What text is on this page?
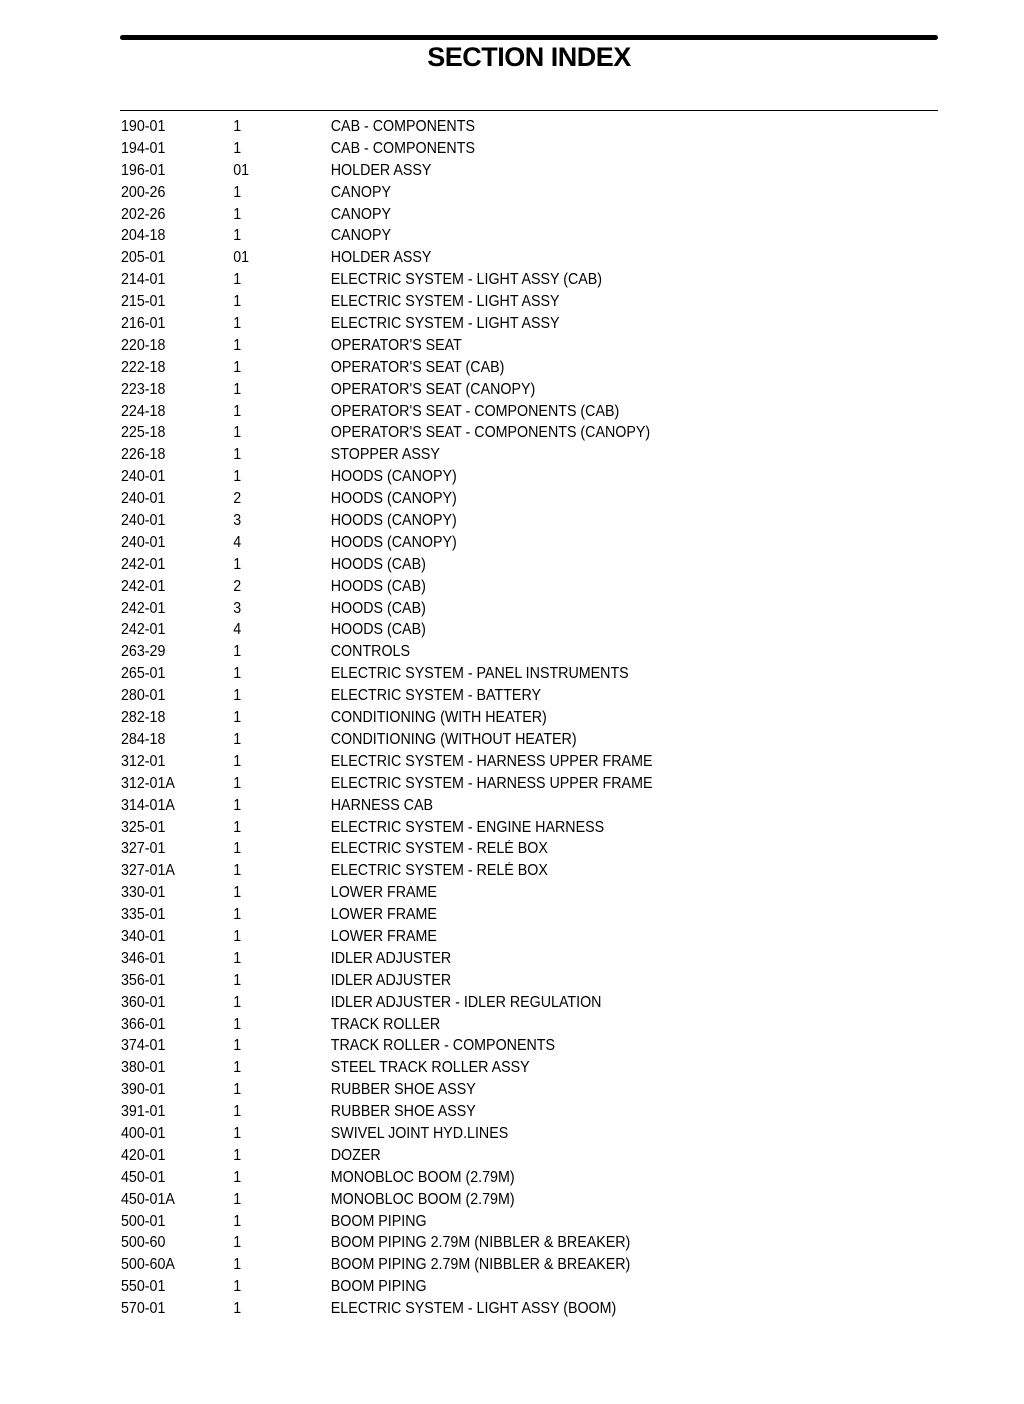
SECTION INDEX
190-01	1	CAB - COMPONENTS
194-01	1	CAB - COMPONENTS
196-01	01	HOLDER ASSY
200-26	1	CANOPY
202-26	1	CANOPY
204-18	1	CANOPY
205-01	01	HOLDER ASSY
214-01	1	ELECTRIC SYSTEM - LIGHT ASSY (CAB)
215-01	1	ELECTRIC SYSTEM - LIGHT ASSY
216-01	1	ELECTRIC SYSTEM - LIGHT ASSY
220-18	1	OPERATOR'S SEAT
222-18	1	OPERATOR'S SEAT (CAB)
223-18	1	OPERATOR'S SEAT (CANOPY)
224-18	1	OPERATOR'S SEAT - COMPONENTS (CAB)
225-18	1	OPERATOR'S SEAT - COMPONENTS (CANOPY)
226-18	1	STOPPER ASSY
240-01	1	HOODS (CANOPY)
240-01	2	HOODS (CANOPY)
240-01	3	HOODS (CANOPY)
240-01	4	HOODS (CANOPY)
242-01	1	HOODS (CAB)
242-01	2	HOODS (CAB)
242-01	3	HOODS (CAB)
242-01	4	HOODS (CAB)
263-29	1	CONTROLS
265-01	1	ELECTRIC SYSTEM - PANEL INSTRUMENTS
280-01	1	ELECTRIC SYSTEM - BATTERY
282-18	1	CONDITIONING (WITH HEATER)
284-18	1	CONDITIONING (WITHOUT HEATER)
312-01	1	ELECTRIC SYSTEM - HARNESS UPPER FRAME
312-01A	1	ELECTRIC SYSTEM - HARNESS UPPER FRAME
314-01A	1	HARNESS CAB
325-01	1	ELECTRIC SYSTEM - ENGINE HARNESS
327-01	1	ELECTRIC SYSTEM - RELÉ BOX
327-01A	1	ELECTRIC SYSTEM - RELÉ BOX
330-01	1	LOWER FRAME
335-01	1	LOWER FRAME
340-01	1	LOWER FRAME
346-01	1	IDLER ADJUSTER
356-01	1	IDLER ADJUSTER
360-01	1	IDLER ADJUSTER - IDLER REGULATION
366-01	1	TRACK ROLLER
374-01	1	TRACK ROLLER - COMPONENTS
380-01	1	STEEL TRACK ROLLER ASSY
390-01	1	RUBBER SHOE ASSY
391-01	1	RUBBER SHOE ASSY
400-01	1	SWIVEL JOINT HYD.LINES
420-01	1	DOZER
450-01	1	MONOBLOC BOOM (2.79M)
450-01A	1	MONOBLOC BOOM (2.79M)
500-01	1	BOOM PIPING
500-60	1	BOOM PIPING 2.79M (NIBBLER & BREAKER)
500-60A	1	BOOM PIPING 2.79M (NIBBLER & BREAKER)
550-01	1	BOOM PIPING
570-01	1	ELECTRIC SYSTEM - LIGHT ASSY (BOOM)
